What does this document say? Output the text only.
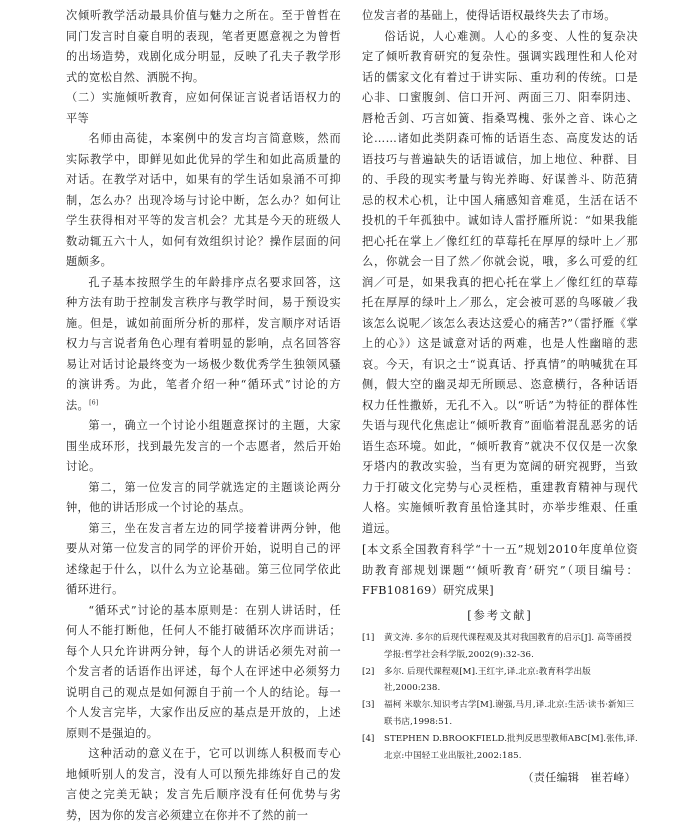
次倾听教学活动最具价值与魅力之所在。至于曾哲在同门发言时自豪自明的表现，笔者更愿意视之为曾哲的出场造势，戏剧化成分明显，反映了孔夫子教学形式的宽松自然、洒脱不拘。

（二）实施倾听教育，应如何保证言说者话语权力的平等

名师由高徒，本案例中的发言均言简意赅，然而实际教学中，即鲜见如此优异的学生和如此高质量的对话。在教学对话中，如果有的学生话如泉涌不可抑制，怎么办？出现冷场与讨论中断，怎么办？如何让学生获得相对平等的发言机会？尤其是今天的班级人数动辄五六十人，如何有效组织讨论？操作层面的问题颇多。

孔子基本按照学生的年龄排序点名要求回答，这种方法有助于控制发言秩序与教学时间，易于预设实施。但是，诚如前面所分析的那样，发言顺序对话语权力与言说者角色心理有着明显的影响，点名回答容易让对话讨论最终变为一场极少数优秀学生独领风骚的演讲秀。为此，笔者介绍一种“循环式”讨论的方法。[6]

第一，确立一个讨论小组题意探讨的主题，大家围坐成环形，找到最先发言的一个志愿者，然后开始讨论。

第二，第一位发言的同学就选定的主题谈论两分钟，他的讲话形成一个讨论的基点。

第三，坐在发言者左边的同学接着讲两分钟，他要从对第一位发言的同学的评价开始，说明自己的评述缘起于什么，以什么为立论基础。第三位同学依此循环进行。

“循环式”讨论的基本原则是：在别人讲话时，任何人不能打断他，任何人不能打破循环次序而讲话；每个人只允许讲两分钟，每个人的讲话必须先对前一个发言者的话语作出评述，每个人在评述中必须努力说明自己的观点是如何源自于前一个人的结论。每一个人发言完毕，大家作出反应的基点是开放的，上述原则不是强迫的。

这种活动的意义在于，它可以训练人积极而专心地倾听别人的发言，没有人可以预先排练好自己的发言使之完美无缺；发言先后顺序没有任何优势与劣势，因为你的发言必须建立在你并不了然的前一

位发言者的基础上，使得话语权最终失去了市场。

俗话说，人心难测。人心的多变、人性的复杂决定了倾听教育研究的复杂性。强调实践理性和人伦对话的儒家文化有着过于讲实际、重功利的传统。口是心非、口蜜腹剑、信口开河、两面三刀、阳奉阴违、唇枪舌剑、巧言如簧、指桑骂槐、张外之音、诛心之论……诸如此类阴森可怖的话语生态、高度发达的话语技巧与普遍缺失的话语诚信，加上地位、种群、目的、手段的现实考量与钩光养晦、好谋善斗、防范猜忌的权术心机，让中国人痛感知音难觅，生活在话不投机的千年孤独中。诚如诗人雷抒雁所说：“如果我能把心托在掌上／像红红的草莓托在厚厚的绿叶上／那么，你就会一目了然／你就会说，哦，多么可爱的红润／可是，如果我真的把心托在掌上／像红红的草莓托在厚厚的绿叶上／那么，定会被可恶的鸟啄破／我该怎么说呢／该怎么表达这爱心的痛苦?”（雷抒雁《掌上的心》）这是诚意对话的两难，也是人性幽暗的悲哀。今天，有识之士“说真话、抒真情”的呐喊犹在耳侧，假大空的幽灵却无所顾忌、恣意横行，各种话语权力任性撒娇，无孔不入。以“听话”为特征的群体性失语与现代化焦虑让“倾听教育”面临着混乱恶劣的话语生态环境。如此，“倾听教育”就决不仅仅是一次象牙塔内的教改实验，当有更为宽阔的研究视野，当致力于打破文化完势与心灵桎梏，重建教育精神与现代人格。实施倾听教育虽恰逢其时，亦举步维艰、任重道远。

[本文系全国教育科学“十一五”规划2010年度单位资助教育部规划课题“‘倾听教育’研究”（项目编号：FFB108169）研究成果]

[参考文献]
[1] 黄文涛. 多尔的后现代课程观及其对我国教育的启示[J]. 高等函授学报:哲学社会科学版,2002(9):32-36.
[2] 多尔. 后现代课程观[M].王红宇,译.北京:教育科学出版社,2000:238.
[3] 福柯 米歇尔.知识考古学[M].谢强,马月,译.北京:生活·读书·新知三联书店,1998:51.
[4] STEPHEN D.BROOKFIELD.批判反思型教师ABC[M].张伟,译.北京:中国轻工业出版社,2002:185.
（责任编辑　崔若峰）
